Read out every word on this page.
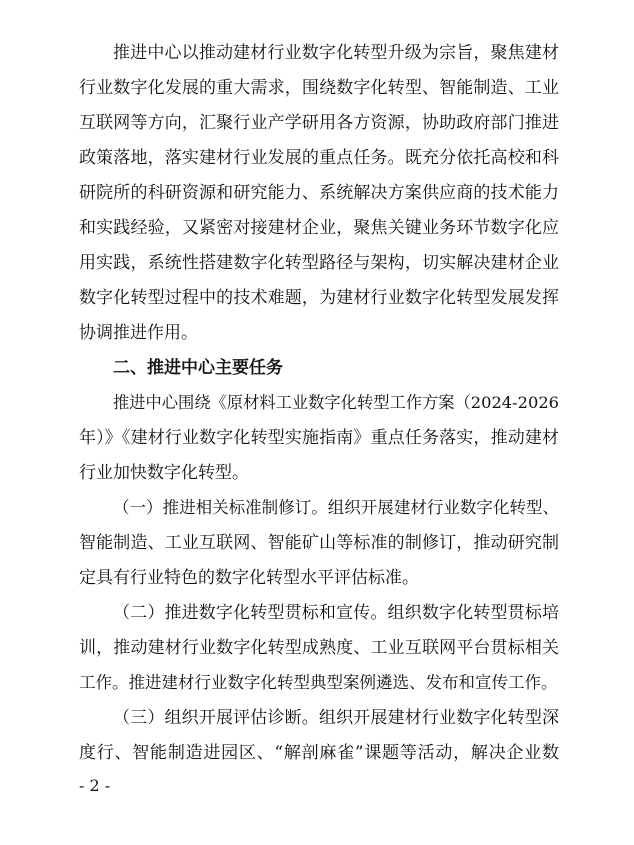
推进中心以推动建材行业数字化转型升级为宗旨，聚焦建材
行业数字化发展的重大需求，围绕数字化转型、智能制造、工业
互联网等方向，汇聚行业产学研用各方资源，协助政府部门推进
政策落地，落实建材行业发展的重点任务。既充分依托高校和科
研院所的科研资源和研究能力、系统解决方案供应商的技术能力
和实践经验，又紧密对接建材企业，聚焦关键业务环节数字化应
用实践，系统性搭建数字化转型路径与架构，切实解决建材企业
数字化转型过程中的技术难题，为建材行业数字化转型发展发挥
协调推进作用。
二、推进中心主要任务
推进中心围绕《原材料工业数字化转型工作方案（2024-2026
年）》《建材行业数字化转型实施指南》重点任务落实，推动建材
行业加快数字化转型。
（一）推进相关标准制修订。组织开展建材行业数字化转型、
智能制造、工业互联网、智能矿山等标准的制修订，推动研究制
定具有行业特色的数字化转型水平评估标准。
（二）推进数字化转型贯标和宣传。组织数字化转型贯标培
训，推动建材行业数字化转型成熟度、工业互联网平台贯标相关
工作。推进建材行业数字化转型典型案例遴选、发布和宣传工作。
（三）组织开展评估诊断。组织开展建材行业数字化转型深
度行、智能制造进园区、“解剖麻雀”课题等活动，解决企业数
- 2 -
